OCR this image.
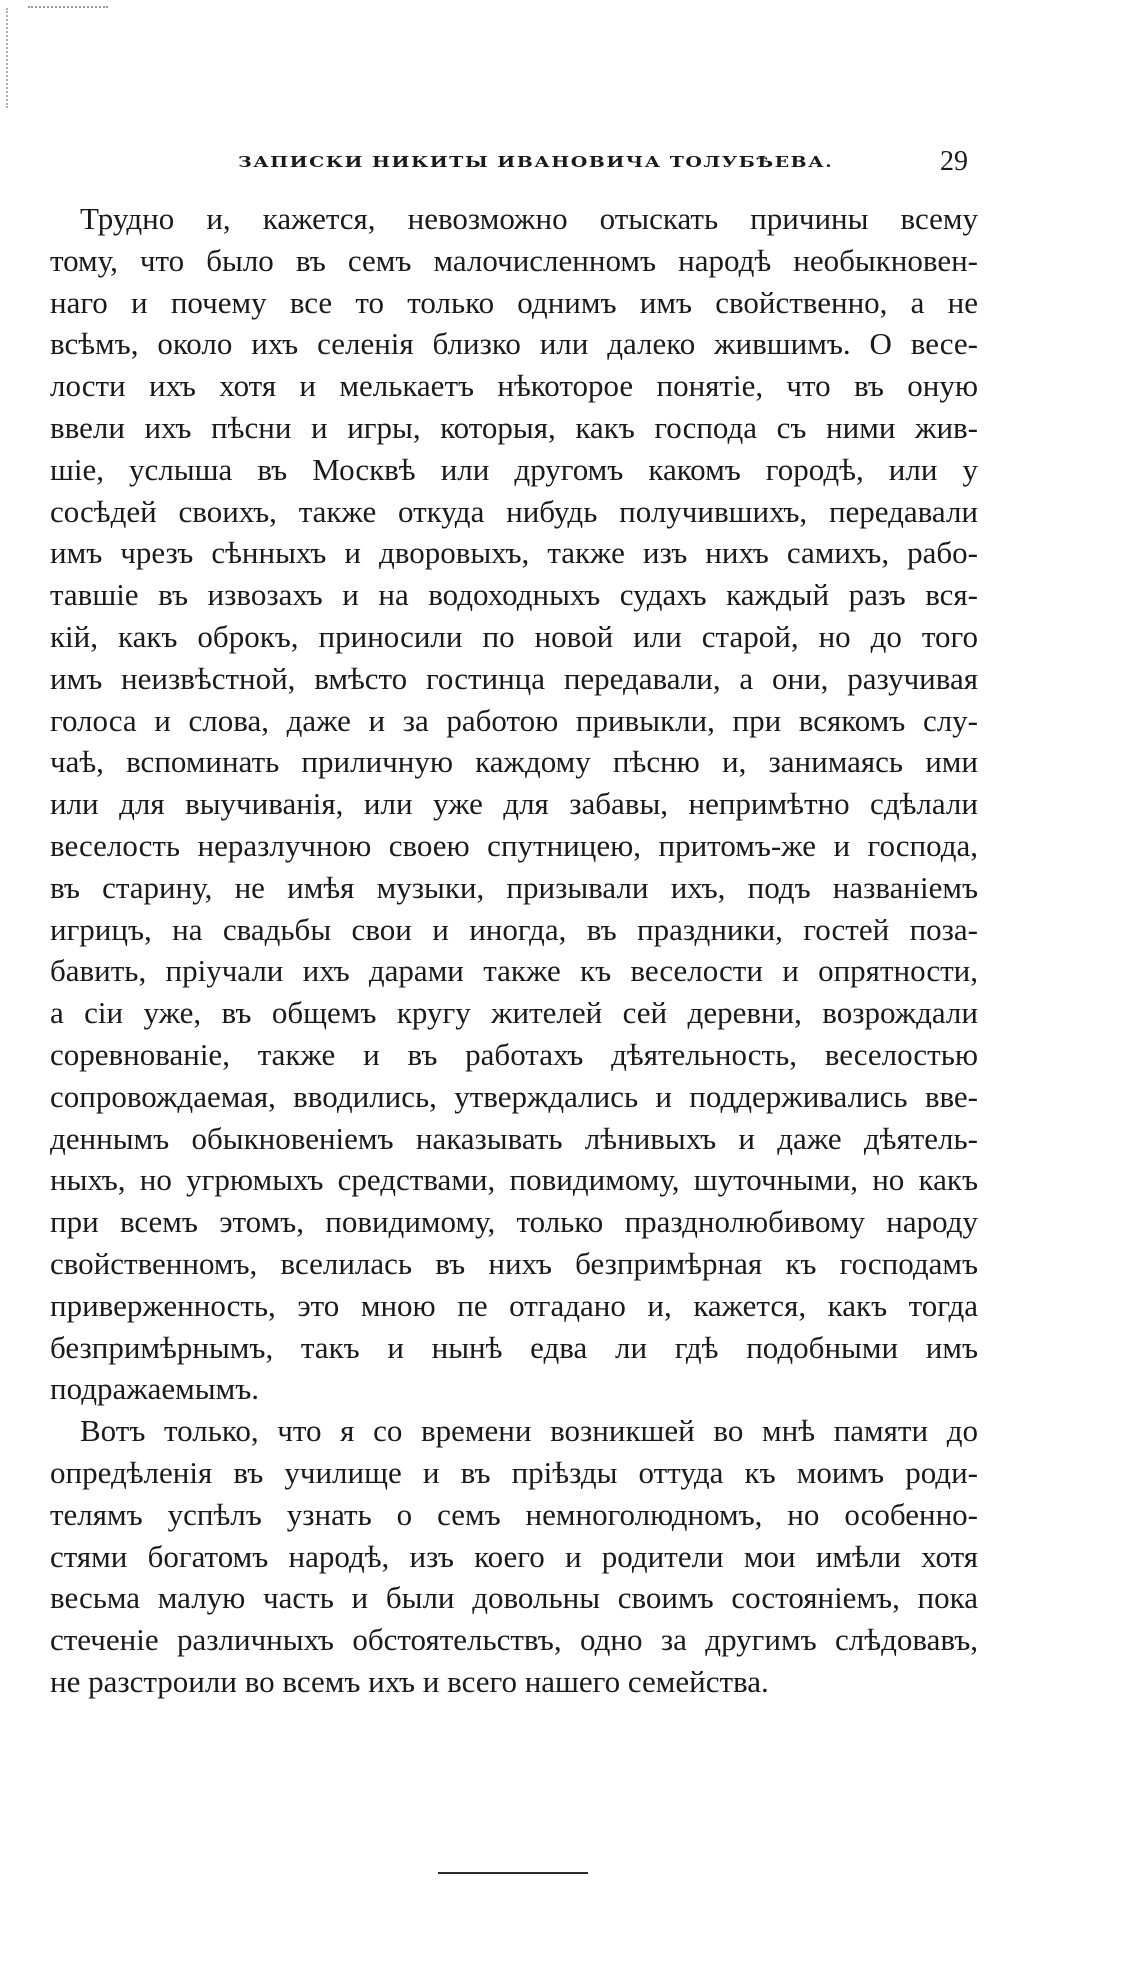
ЗАПИСКИ НИКИТЫ ИВАНОВИЧА ТОЛУБѢЕВА.	29
Трудно и, кажется, невозможно отыскать причины всему
тому, что было въ семъ малочисленномъ народѣ необыкновен-
наго и почему все то только однимъ имъ свойственно, а не
всѣмъ, около ихъ селенія близко или далеко жившимъ. О весе-
лости ихъ хотя и мелькаетъ нѣкоторое понятіе, что въ оную
ввели ихъ пѣсни и игры, которыя, какъ господа съ ними жив-
шіе, услыша въ Москвѣ или другомъ какомъ городѣ, или у
сосѣдей своихъ, также откуда нибудь получившихъ, передавали
имъ чрезъ сѣнныхъ и дворовыхъ, также изъ нихъ самихъ, рабо-
тавшіе въ извозахъ и на водоходныхъ судахъ каждый разъ вся-
кій, какъ оброкъ, приносили по новой или старой, но до того
имъ неизвѣстной, вмѣсто гостинца передавали, а они, разучивая
голоса и слова, даже и за работою привыкли, при всякомъ слу-
чаѣ, вспоминать приличную каждому пѣсню и, занимаясь ими
или для выучиванія, или уже для забавы, непримѣтно сдѣлали
веселость неразлучною своею спутницею, притомъ-же и господа,
въ старину, не имѣя музыки, призывали ихъ, подъ названіемъ
игрицъ, на свадьбы свои и иногда, въ праздники, гостей поза-
бавить, пріучали ихъ дарами также къ веселости и опрятности,
а сіи уже, въ общемъ кругу жителей сей деревни, возрождали
соревнованіе, также и въ работахъ дѣятельность, веселостью
сопровождаемая, вводились, утверждались и поддерживались вве-
деннымъ обыкновеніемъ наказывать лѣнивыхъ и даже дѣятель-
ныхъ, но угрюмыхъ средствами, повидимому, шуточными, но какъ
при всемъ этомъ, повидимому, только празднолюбивому народу
свойственномъ, вселилась въ нихъ безпримѣрная къ господамъ
приверженность, это мною пе отгадано и, кажется, какъ тогда
безпримѣрнымъ, такъ и нынѣ едва ли гдѣ подобными имъ
подражаемымъ.
Вотъ только, что я со времени возникшей во мнѣ памяти до
опредѣленія въ училище и въ пріѣзды оттуда къ моимъ роди-
телямъ успѣлъ узнать о семъ немноголюдномъ, но особенно-
стями богатомъ народѣ, изъ коего и родители мои имѣли хотя
весьма малую часть и были довольны своимъ состояніемъ, пока
стеченіе различныхъ обстоятельствъ, одно за другимъ слѣдовавъ,
не разстроили во всемъ ихъ и всего нашего семейства.
